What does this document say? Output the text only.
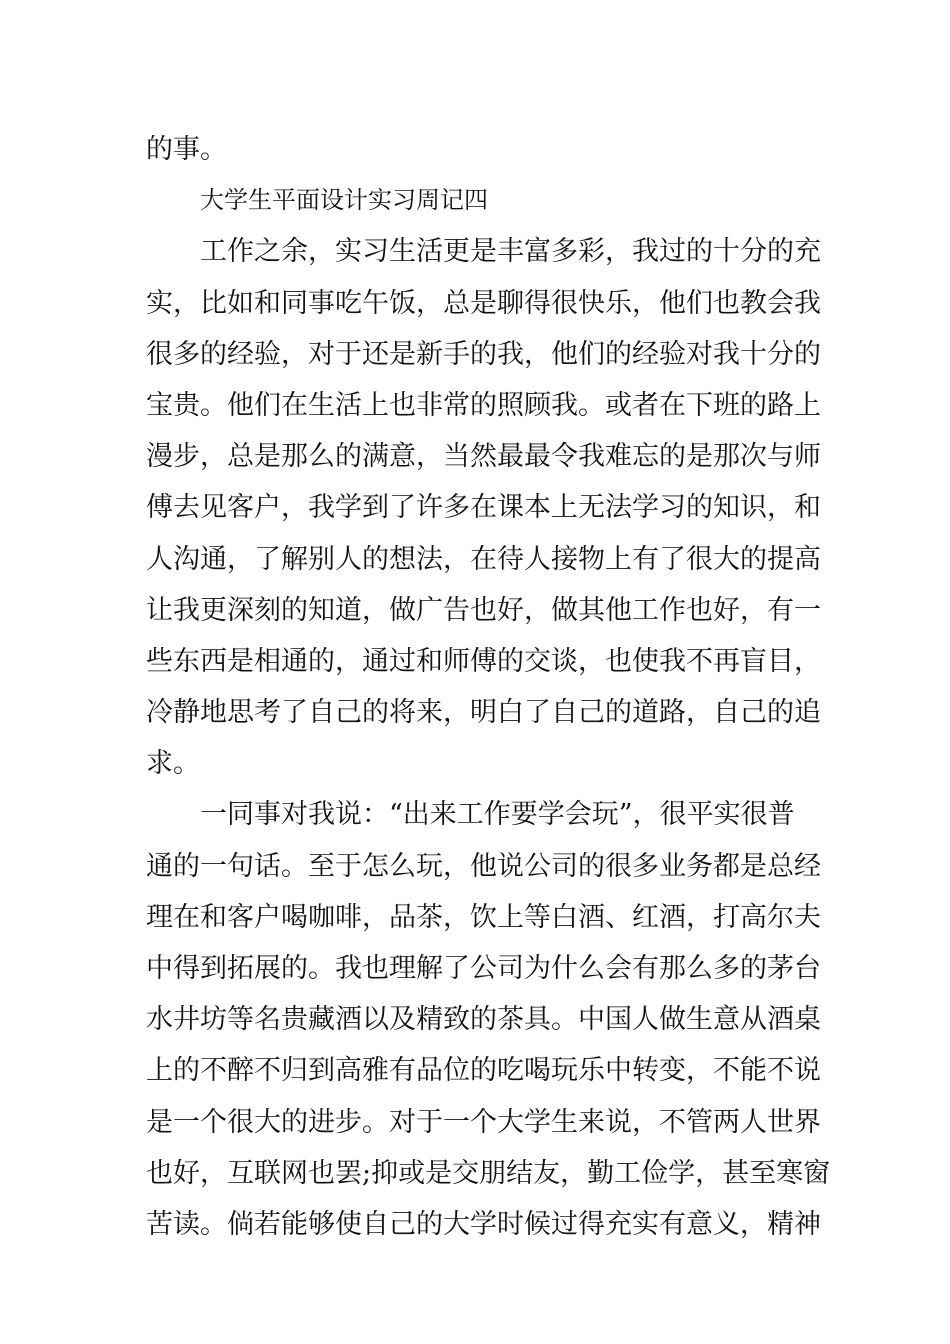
的事。
大学生平面设计实习周记四
工作之余，实习生活更是丰富多彩，我过的十分的充
实，比如和同事吃午饭，总是聊得很快乐，他们也教会我
很多的经验，对于还是新手的我，他们的经验对我十分的
宝贵。他们在生活上也非常的照顾我。或者在下班的路上
漫步，总是那么的满意，当然最最令我难忘的是那次与师
傅去见客户，我学到了许多在课本上无法学习的知识，和
人沟通，了解别人的想法，在待人接物上有了很大的提高
让我更深刻的知道，做广告也好，做其他工作也好，有一
些东西是相通的，通过和师傅的交谈，也使我不再盲目，
冷静地思考了自己的将来，明白了自己的道路，自己的追
求。
一同事对我说：“出来工作要学会玩”，很平实很普
通的一句话。至于怎么玩，他说公司的很多业务都是总经
理在和客户喝咖啡，品茶，饮上等白酒、红酒，打高尔夫
中得到拓展的。我也理解了公司为什么会有那么多的茅台
水井坊等名贵藏酒以及精致的茶具。中国人做生意从酒桌
上的不醉不归到高雅有品位的吃喝玩乐中转变，不能不说
是一个很大的进步。对于一个大学生来说，不管两人世界
也好，互联网也罢;抑或是交朋结友，勤工俭学，甚至寒窗
苦读。倘若能够使自己的大学时候过得充实有意义，精神
